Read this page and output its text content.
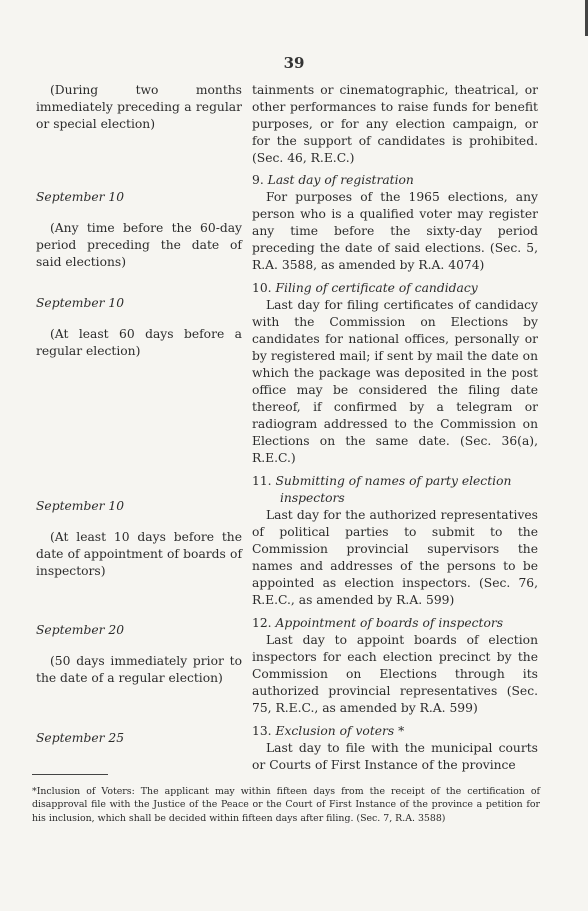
39

(During two months immediately preceding a regular or special election)

September 10

(Any time before the 60-day period preceding the date of said elections)

September 10

(At least 60 days before a regular election)

September 10

(At least 10 days before the date of appointment of boards of inspectors)

September 20

(50 days immediately prior to the date of a regular election)

September 25

tainments or cinematographic, theatrical, or other performances to raise funds for benefit purposes, or for any election campaign, or for the support of candidates is prohibited. (Sec. 46, R.E.C.)

9. Last day of registration

For purposes of the 1965 elections, any person who is a qualified voter may register any time before the sixty-day period preceding the date of said elections. (Sec. 5, R.A. 3588, as amended by R.A. 4074)

10. Filing of certificate of candidacy

Last day for filing certificates of candidacy with the Commission on Elections by candidates for national offices, personally or by registered mail; if sent by mail the date on which the package was deposited in the post office may be considered the filing date thereof, if confirmed by a telegram or radiogram addressed to the Commission on Elections on the same date. (Sec. 36(a), R.E.C.)

11. Submitting of names of party election
inspectors

Last day for the authorized representatives of political parties to submit to the Commission provincial supervisors the names and addresses of the persons to be appointed as election inspectors. (Sec. 76, R.E.C., as amended by R.A. 599)

12. Appointment of boards of inspectors

Last day to appoint boards of election inspectors for each election precinct by the Commission on Elections through its authorized provincial representatives (Sec. 75, R.E.C., as amended by R.A. 599)

13. Exclusion of voters *

Last day to file with the municipal courts or Courts of First Instance of the province

*Inclusion of Voters: The applicant may within fifteen days from the receipt of the certification of disapproval file with the Justice of the Peace or the Court of First Instance of the province a petition for his inclusion, which shall be decided within fifteen days after filing. (Sec. 7, R.A. 3588)
